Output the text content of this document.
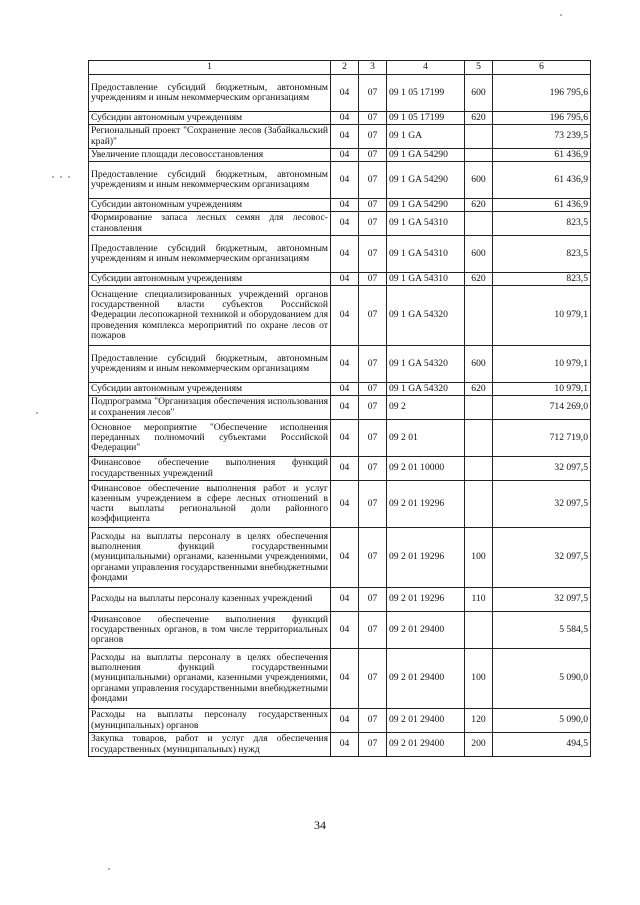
1	2	3	4	5	6
Предоставление субсидий бюджетным, автономным учреждениям и иным некоммерческим организациям	04	07	09 1 05 17199	600	196 795,6
Субсидии автономным учреждениям	04	07	09 1 05 17199	620	196 795,6
Региональный проект "Сохранение лесов (Забайкальский край)"	04	07	09 1 GA		73 239,5
Увеличение площади лесовосстановления	04	07	09 1 GA 54290		61 436,9
Предоставление субсидий бюджетным, автономным учреждениям и иным некоммерческим организациям	04	07	09 1 GA 54290	600	61 436,9
Субсидии автономным учреждениям	04	07	09 1 GA 54290	620	61 436,9
Формирование запаса лесных семян для лесовосстановления	04	07	09 1 GA 54310		823,5
Предоставление субсидий бюджетным, автономным учреждениям и иным некоммерческим организациям	04	07	09 1 GA 54310	600	823,5
Субсидии автономным учреждениям	04	07	09 1 GA 54310	620	823,5
Оснащение специализированных учреждений органов государственной власти субъектов Российской Федерации лесопожарной техникой и оборудованием для проведения комплекса мероприятий по охране лесов от пожаров	04	07	09 1 GA 54320		10 979,1
Предоставление субсидий бюджетным, автономным учреждениям и иным некоммерческим организациям	04	07	09 1 GA 54320	600	10 979,1
Субсидии автономным учреждениям	04	07	09 1 GA 54320	620	10 979,1
Подпрограмма "Организация обеспечения использования и сохранения лесов"	04	07	09 2		714 269,0
Основное мероприятие "Обеспечение исполнения переданных полномочий субъектами Российской Федерации"	04	07	09 2 01		712 719,0
Финансовое обеспечение выполнения функций государственных учреждений	04	07	09 2 01 10000		32 097,5
Финансовое обеспечение выполнения работ и услуг казенным учреждением в сфере лесных отношений в части выплаты региональной доли районного коэффициента	04	07	09 2 01 19296		32 097,5
Расходы на выплаты персоналу в целях обеспечения выполнения функций государственными (муниципальными) органами, казенными учреждениями, органами управления государственными внебюджетными фондами	04	07	09 2 01 19296	100	32 097,5
Расходы на выплаты персоналу казенных учреждений	04	07	09 2 01 19296	110	32 097,5
Финансовое обеспечение выполнения функций государственных органов, в том числе территориальных органов	04	07	09 2 01 29400		5 584,5
Расходы на выплаты персоналу в целях обеспечения выполнения функций государственными (муниципальными) органами, казенными учреждениями, органами управления государственными внебюджетными фондами	04	07	09 2 01 29400	100	5 090,0
Расходы на выплаты персоналу государственных (муниципальных) органов	04	07	09 2 01 29400	120	5 090,0
Закупка товаров, работ и услуг для обеспечения государственных (муниципальных) нужд	04	07	09 2 01 29400	200	494,5
34
